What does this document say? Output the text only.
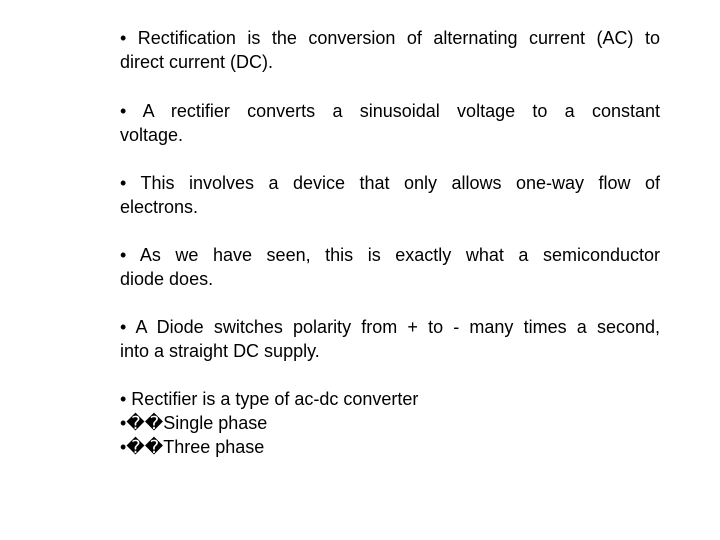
• Rectification is the conversion of alternating current (AC) to
direct current (DC).
• A rectifier converts a sinusoidal voltage to a constant
voltage.
• This involves a device that only allows one-way flow of
electrons.
• As we have seen, this is exactly what a semiconductor
diode does.
• A Diode switches polarity from + to - many times a second,
into a straight DC supply.
• Rectifier is a type of ac-dc converter
•��Single phase
•��Three phase
